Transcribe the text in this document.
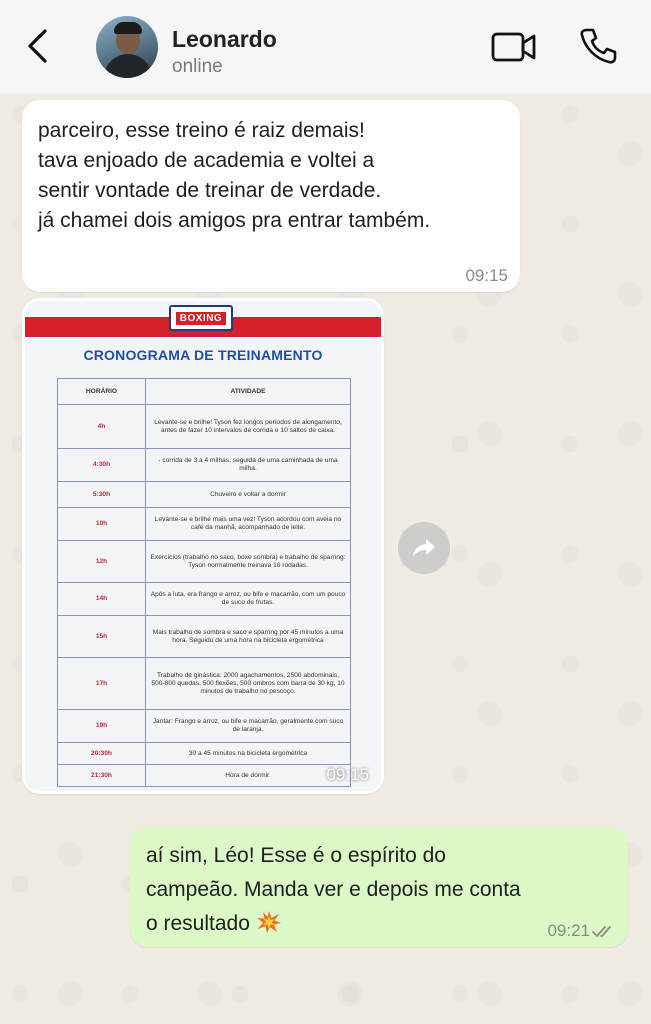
Leonardo
online
parceiro, esse treino é raiz demais!
tava enjoado de academia e voltei a
sentir vontade de treinar de verdade.
já chamei dois amigos pra entrar também.
09:15
BOXING
CRONOGRAMA DE TREINAMENTO
HORÁRIO	ATIVIDADE
4h	Levante-se e brilhe! Tyson fez longos períodos de alongamento, antes de fazer 10 intervalos de corrida e 10 saltos de caixa.
4:30h	- corrida de 3 a 4 milhas, seguida de uma caminhada de uma milha.
5:30h	Chuveiro e voltar a dormir
10h	Levante-se e brilhe mais uma vez! Tyson acordou com aveia no café da manhã, acompanhado de leite.
12h	Exercícios (trabalho no saco, boxe sombra) e trabalho de sparring: Tyson normalmente treinava 10 rodadas.
14h	Após a luta, era frango e arroz, ou bife e macarrão, com um pouco de suco de frutas.
15h	Mais trabalho de sombra e saco e sparring por 45 minutos a uma hora. Seguido de uma hora na bicicleta ergométrica
17h	Trabalho de ginástica: 2000 agachamentos, 2500 abdominais, 500-800 quedas, 500 flexões, 500 ombros com barra de 30 kg, 10 minutos de trabalho no pescoço.
19h	Jantar: Frango e arroz, ou bife e macarrão, geralmente com suco de laranja.
20:30h	30 a 45 minutos na bicicleta ergométrica
21:30h	Hora de dormir.	09:15
aí sim, Léo! Esse é o espírito do
campeão. Manda ver e depois me conta
o resultado	09:21
